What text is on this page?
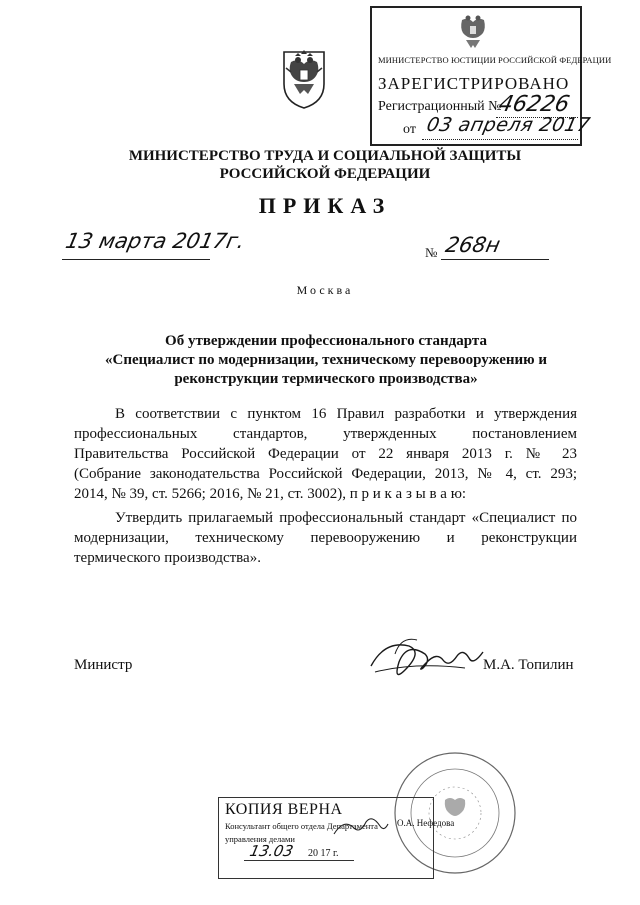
МИНИСТЕРСТВО ЮСТИЦИИ РОССИЙСКОЙ ФЕДЕРАЦИИ
ЗАРЕГИСТРИРОВАНО
Регистрационный №
46226
от 03 апреля 2017
МИНИСТЕРСТВО ТРУДА И СОЦИАЛЬНОЙ ЗАЩИТЫ
РОССИЙСКОЙ ФЕДЕРАЦИИ
ПРИКАЗ
13 марта 2017г.	№ 268н
Москва
Об утверждении профессионального стандарта
«Специалист по модернизации, техническому перевооружению и
реконструкции термического производства»
В соответствии с пунктом 16 Правил разработки и утверждения
профессиональных стандартов, утвержденных постановлением
Правительства Российской Федерации от 22 января 2013 г. № 23
(Собрание законодательства Российской Федерации, 2013, № 4, ст. 293;
2014, № 39, ст. 5266; 2016, № 21, ст. 3002), п р и к а з ы в а ю:
Утвердить прилагаемый профессиональный стандарт «Специалист по
модернизации, техническому перевооружению и реконструкции
термического производства».
Министр	М.А. Топилин
КОПИЯ ВЕРНА
Консультант общего отдела Департамента
управления делами
О.А. Нефедова
13.03 20 17 г.
